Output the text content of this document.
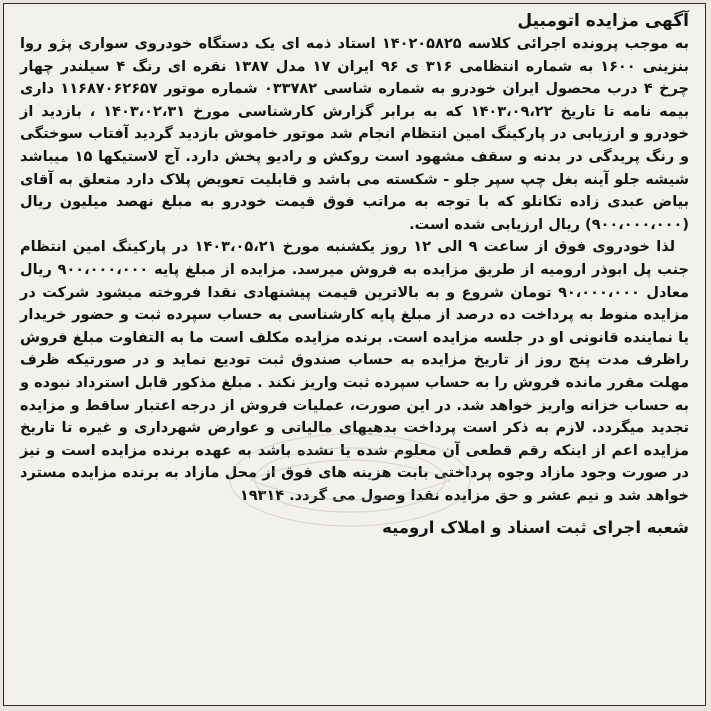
آگهی مزایده اتومبیل

به موجب پرونده اجرائی کلاسه ۱۴۰۲۰۵۸۲۵ استاد ذمه ای یک دستگاه خودروی سواری پژو روا بنزینی ۱۶۰۰ به شماره انتظامی ۳۱۶ ی ۹۶ ایران ۱۷ مدل ۱۳۸۷ نقره ای رنگ ۴ سیلندر چهار چرخ ۴ درب محصول ایران خودرو به شماره شاسی ۰۳۳۷۸۲ شماره موتور ۱۱۶۸۷۰۶۲۶۵۷ داری بیمه نامه تا تاریخ ۱۴۰۳،۰۹،۲۲ که به برابر گزارش کارشناسی مورخ ۱۴۰۳،۰۲،۳۱ ، بازدید از خودرو و ارزیابی در پارکینگ امین انتظام انجام شد موتور خاموش بازدید گردید آفتاب سوختگی و رنگ پریدگی در بدنه و سقف مشهود است روکش و رادیو پخش دارد. آج لاستیکها ۱۵ میباشد شیشه جلو آینه بغل چپ سپر جلو - شکسته می باشد و قابلیت تعویض پلاک دارد متعلق به آقای بیاض عبدی زاده تکانلو که با توجه به مراتب فوق قیمت خودرو به مبلغ نهصد میلیون ریال (۹۰۰،۰۰۰،۰۰۰) ریال ارزیابی شده است.

لذا خودروی فوق از ساعت ۹ الی ۱۲ روز یکشنبه مورخ ۱۴۰۳،۰۵،۲۱ در پارکینگ امین انتظام جنب پل ابوذر ارومیه از طریق مزایده به فروش میرسد. مزایده از مبلغ پایه ۹۰۰،۰۰۰،۰۰۰ ریال معادل ۹۰،۰۰۰،۰۰۰ تومان شروع و به بالاترین قیمت پیشنهادی نقدا فروخته میشود شرکت در مزایده منوط به پرداخت ده درصد از مبلغ پایه کارشناسی به حساب سپرده ثبت و حضور خریدار یا نماینده قانونی او در جلسه مزایده است. برنده مزایده مکلف است ما به التفاوت مبلغ فروش راظرف مدت پنج روز از تاریخ مزایده به حساب صندوق ثبت تودیع نماید و در صورتیکه ظرف مهلت مقرر مانده فروش را به حساب سپرده ثبت واریز نکند . مبلغ مذکور قابل استرداد نبوده و به حساب خزانه واریز خواهد شد. در این صورت، عملیات فروش از درجه اعتبار ساقط و مزایده تجدید میگردد. لازم به ذکر است پرداخت بدهیهای مالیاتی و عوارض شهرداری و غیره تا تاریخ مزایده اعم از اینکه رقم قطعی آن معلوم شده یا نشده باشد به عهده برنده مزایده است و نیز در صورت وجود مازاد وجوه پرداختی بابت هزینه های فوق از محل مازاد به برنده مزایده مسترد خواهد شد و نیم عشر و حق مزایده نقدا وصول می گردد. ۱۹۳۱۴

شعبه اجرای ثبت اسناد و املاک ارومیه
